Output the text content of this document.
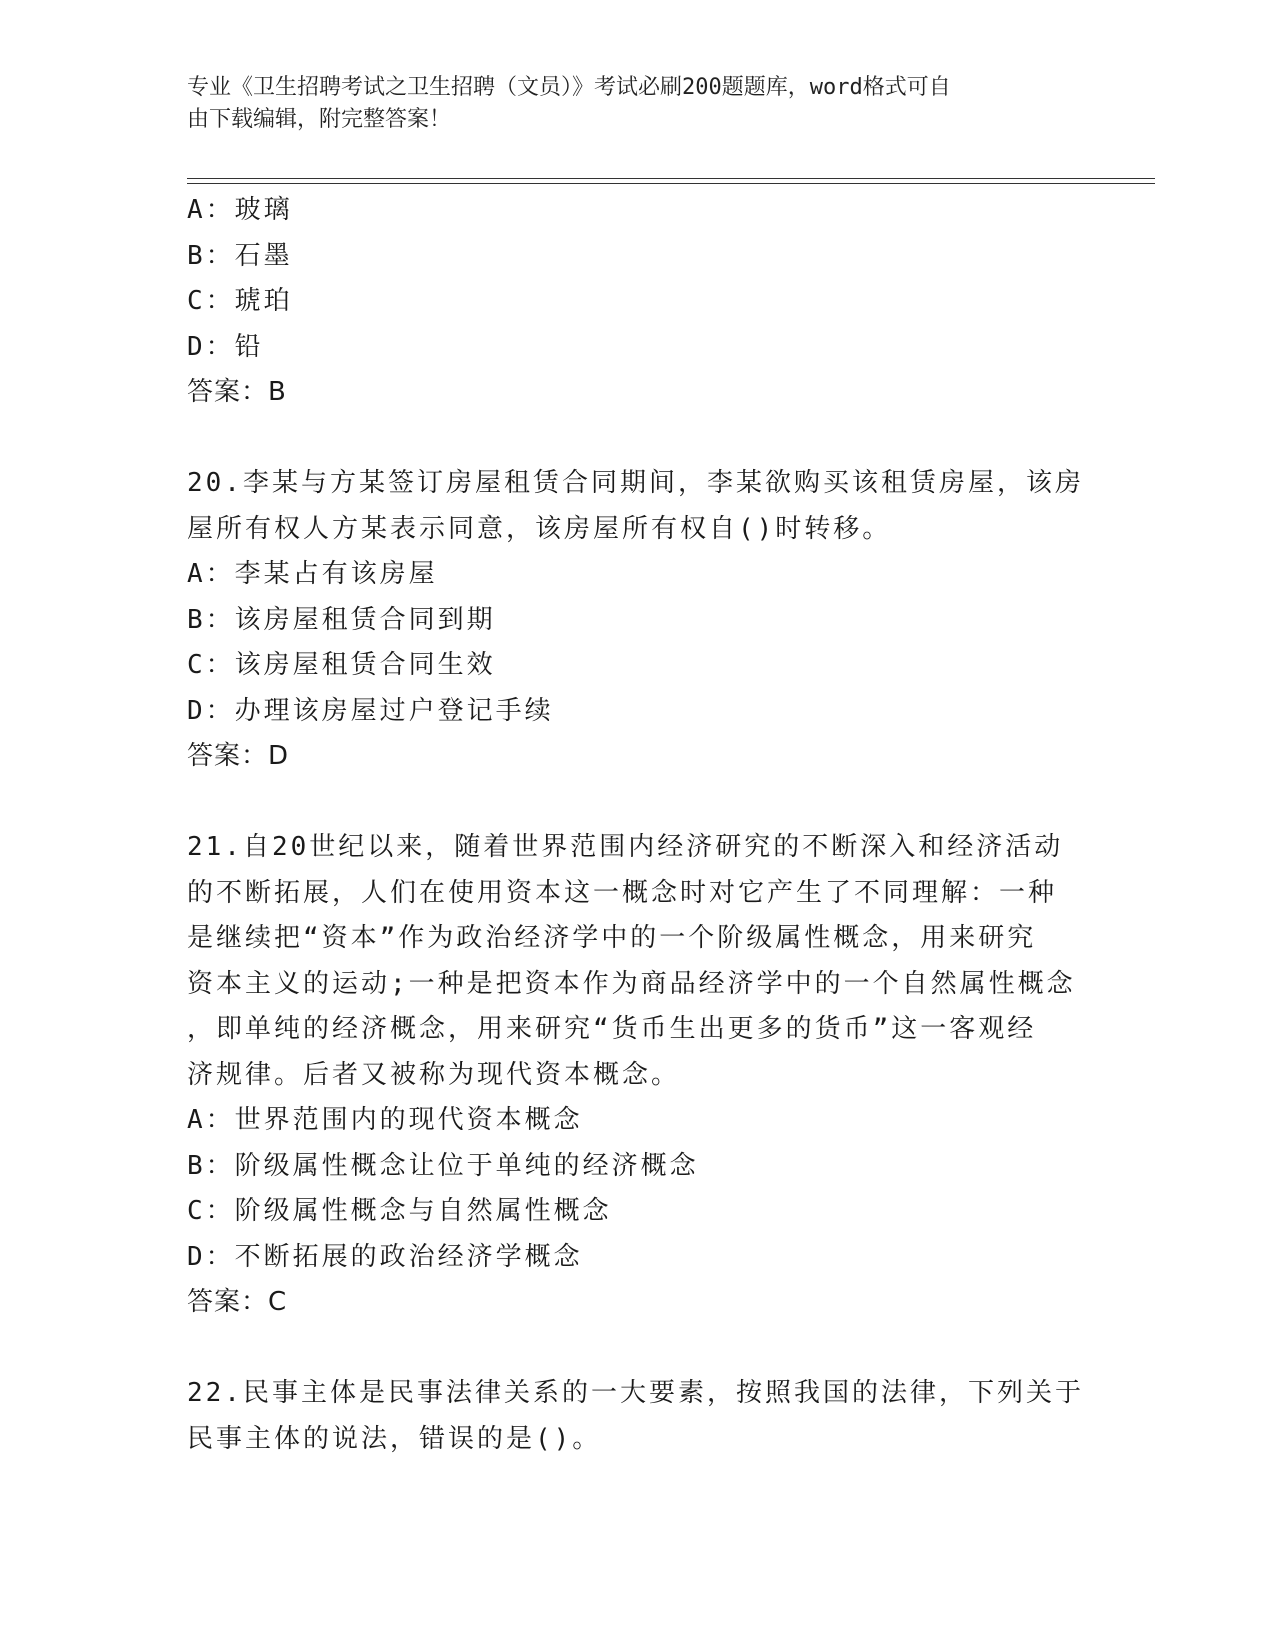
专业《卫生招聘考试之卫生招聘（文员）》考试必刷200题题库，word格式可自
由下载编辑，附完整答案！
A：玻璃
B：石墨
C：琥珀
D：铅
答案：B
20.李某与方某签订房屋租赁合同期间，李某欲购买该租赁房屋，该房
屋所有权人方某表示同意，该房屋所有权自()时转移。
A：李某占有该房屋
B：该房屋租赁合同到期
C：该房屋租赁合同生效
D：办理该房屋过户登记手续
答案：D
21.自20世纪以来，随着世界范围内经济研究的不断深入和经济活动
的不断拓展，人们在使用资本这一概念时对它产生了不同理解：一种
是继续把“资本”作为政治经济学中的一个阶级属性概念，用来研究
资本主义的运动;一种是把资本作为商品经济学中的一个自然属性概念
，即单纯的经济概念，用来研究“货币生出更多的货币”这一客观经
济规律。后者又被称为现代资本概念。
A：世界范围内的现代资本概念
B：阶级属性概念让位于单纯的经济概念
C：阶级属性概念与自然属性概念
D：不断拓展的政治经济学概念
答案：C
22.民事主体是民事法律关系的一大要素，按照我国的法律，下列关于
民事主体的说法，错误的是()。
